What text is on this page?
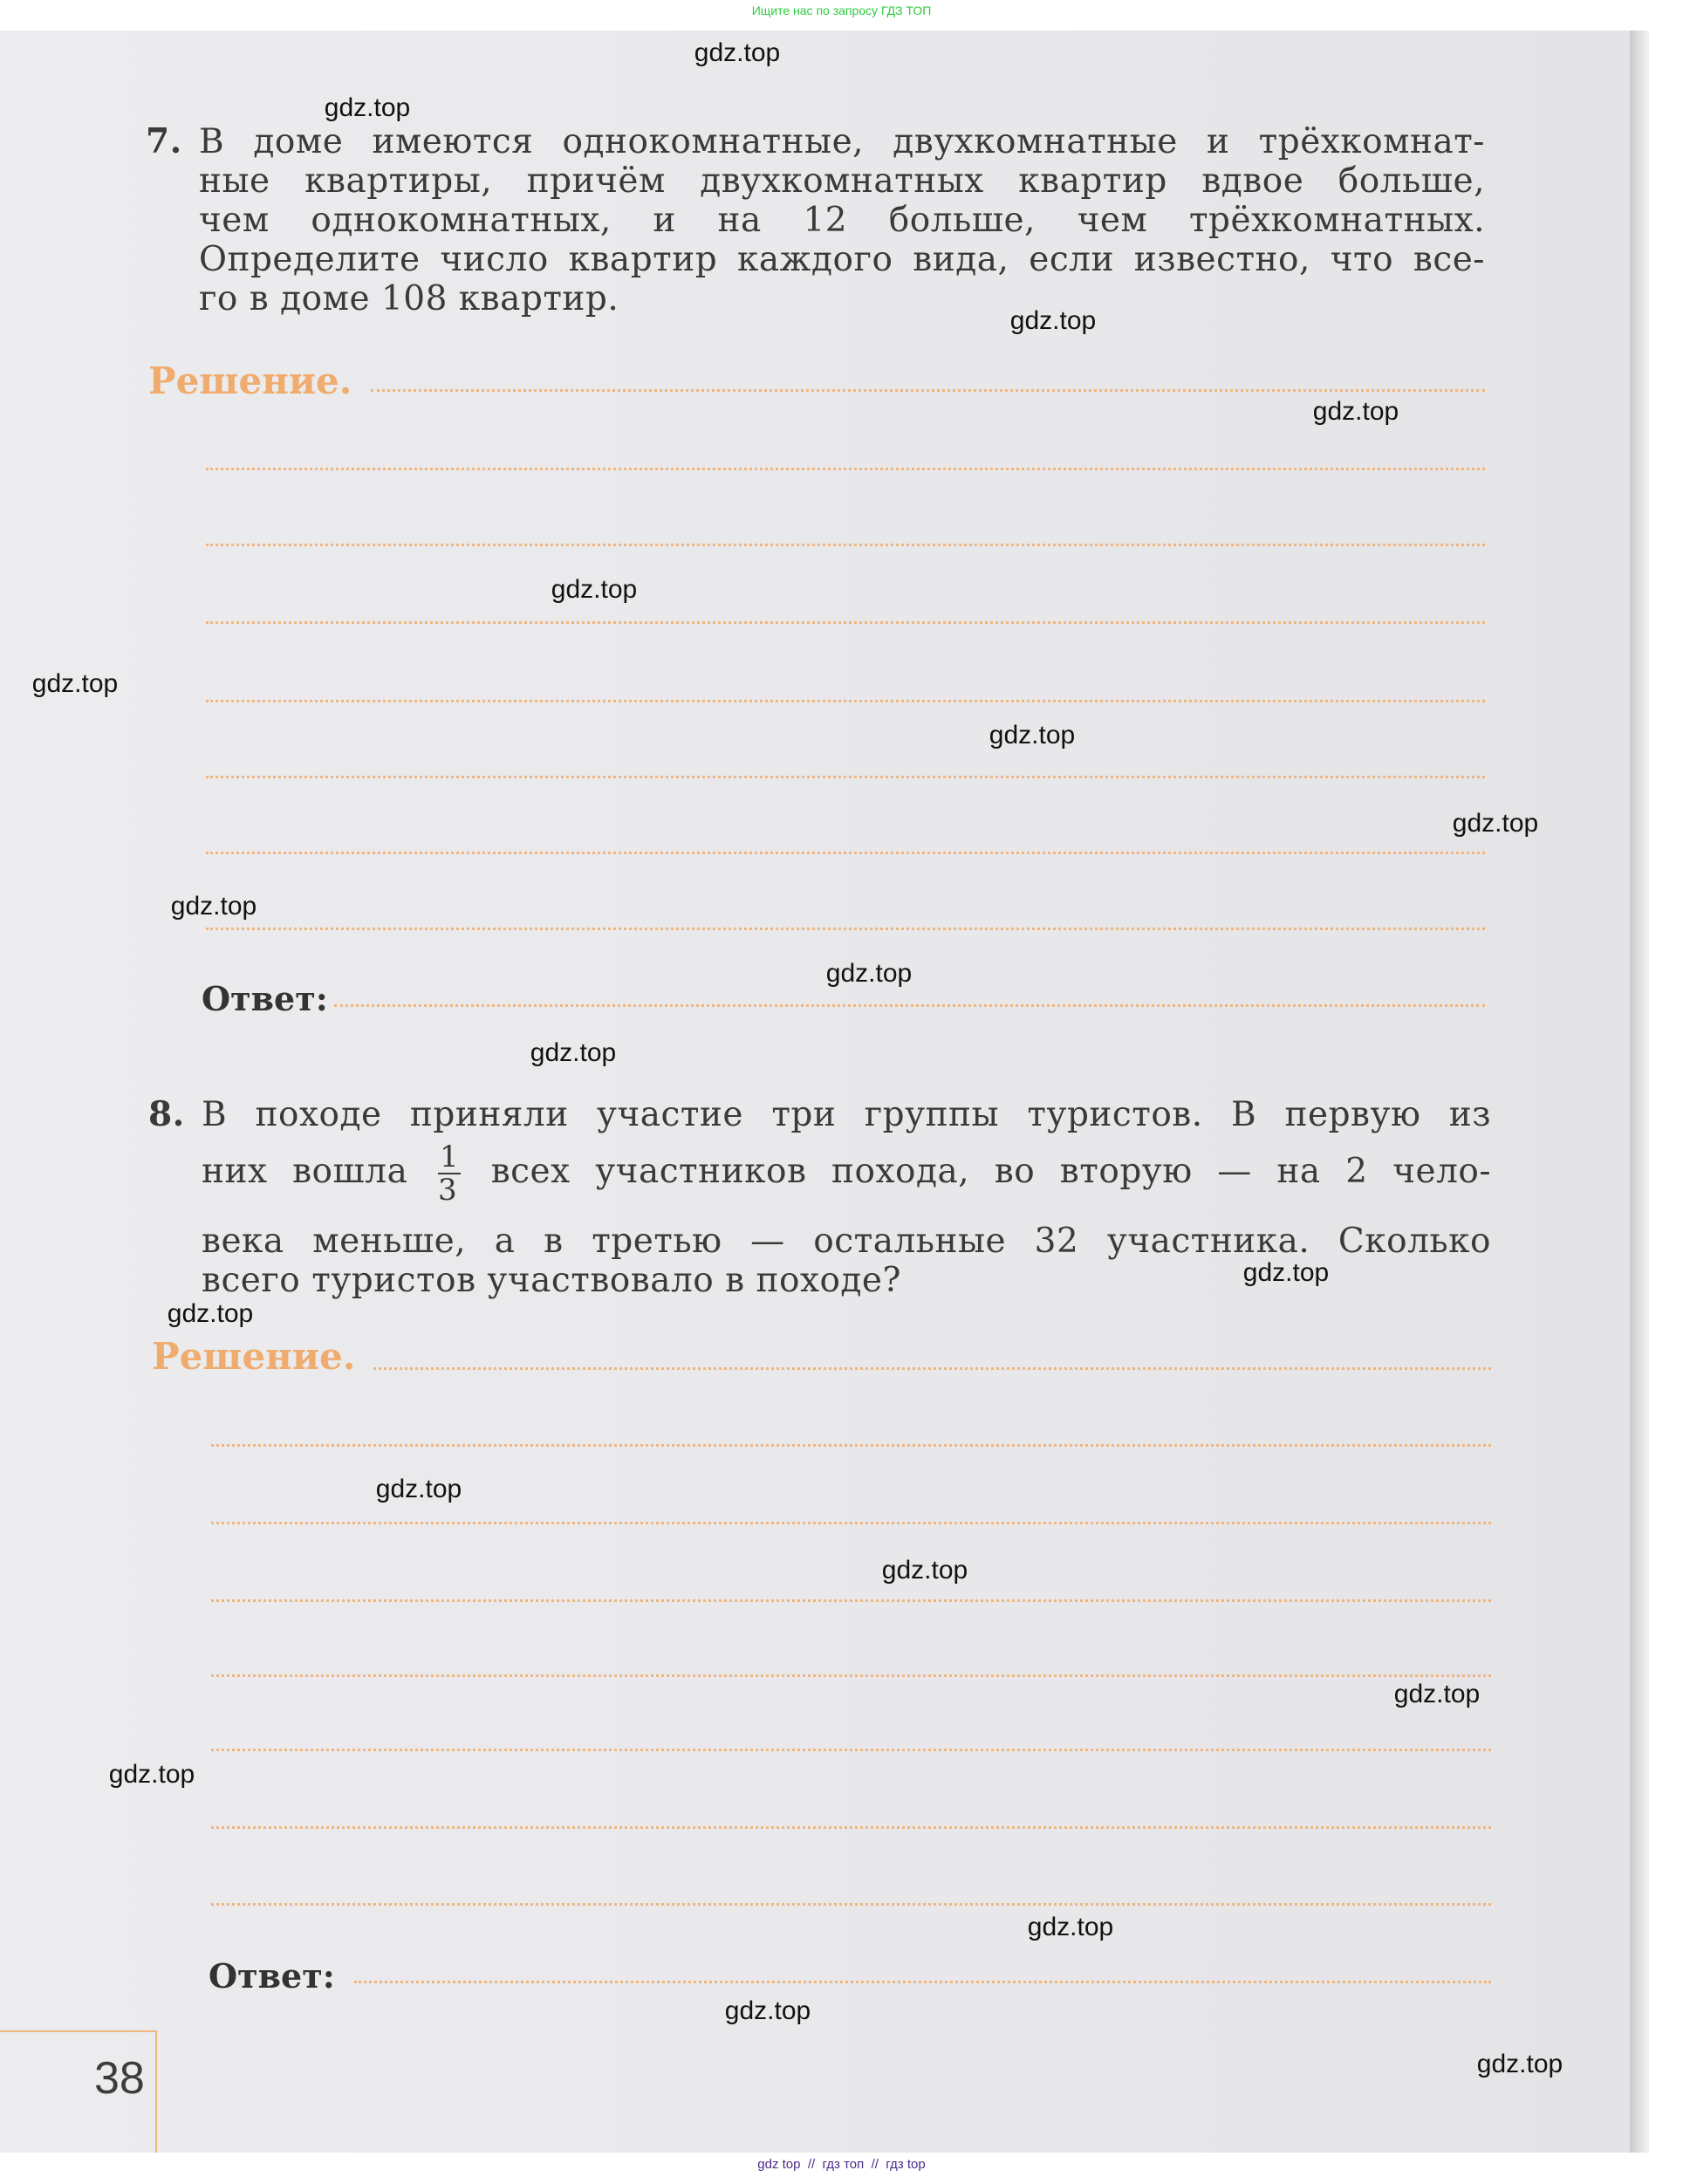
Ищите нас по запросу ГДЗ ТОП
7. В доме имеются однокомнатные, двухкомнатные и трёхкомнат-
ные квартиры, причём двухкомнатных квартир вдвое больше,
чем однокомнатных, и на 12 больше, чем трёхкомнатных.
Определите число квартир каждого вида, если известно, что все-
го в доме 108 квартир.
Решение.
Ответ:
8. В походе приняли участие три группы туристов. В первую из
них вошла $\frac{1}{3}$ всех участников похода, во вторую — на 2 чело-
века меньше, а в третью — остальные 32 участника. Сколько
всего туристов участвовало в походе?
Решение.
Ответ:
38
gdz.top
gdz.top
gdz.top
gdz.top
gdz.top
gdz.top
gdz.top
gdz.top
gdz.top
gdz.top
gdz.top
gdz.top
gdz.top
gdz.top
gdz.top
gdz.top
gdz.top
gdz.top
gdz.top
gdz.top
gdz top  //  гдз топ  //  гдз top
